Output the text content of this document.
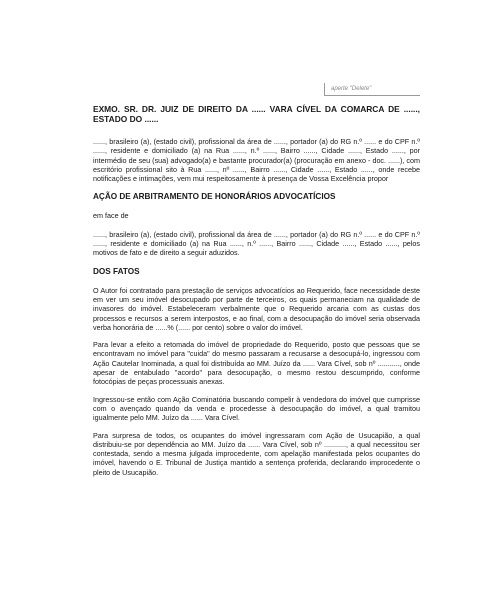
aperte "Delete"

EXMO. SR. DR. JUIZ DE DIREITO DA ...... VARA CÍVEL DA COMARCA DE ......, ESTADO DO ......

......, brasileiro (a), (estado civil), profissional da área de ......, portador (a) do RG n.º ...... e do CPF n.º ......, residente e domiciliado (a) na Rua ......, n.º ......, Bairro ......, Cidade ......, Estado ......, por intermédio de seu (sua) advogado(a) e bastante procurador(a) (procuração em anexo - doc. ......), com escritório profissional sito à Rua ......, nº ......, Bairro ......, Cidade ......, Estado ......, onde recebe notificações e intimações, vem mui respeitosamente à presença de Vossa Excelência propor

AÇÃO DE ARBITRAMENTO DE HONORÁRIOS ADVOCATÍCIOS

em face de

......, brasileiro (a), (estado civil), profissional da área de ......, portador (a) do RG n.º ...... e do CPF n.º ......, residente e domiciliado (a) na Rua ......, n.º ......, Bairro ......, Cidade ......, Estado ......, pelos motivos de fato e de direito a seguir aduzidos.

DOS FATOS

O Autor foi contratado para prestação de serviços advocatícios ao Requerido, face necessidade deste em ver um seu imóvel desocupado por parte de terceiros, os quais permaneciam na qualidade de invasores do imóvel. Estabeleceram verbalmente que o Requerido arcaria com as custas dos processos e recursos a serem interpostos, e ao final, com a desocupação do imóvel seria observada verba honorária de ......% (...... por cento) sobre o valor do imóvel.

Para levar a efeito a retomada do imóvel de propriedade do Requerido, posto que pessoas que se encontravam no imóvel para "cuida" do mesmo passaram a recusarse a desocupá-lo, ingressou com Ação Cautelar Inominada, a qual foi distribuída ao MM. Juízo da ...... Vara Cível, sob nº ..........., onde apesar de entabulado "acordo" para desocupação, o mesmo restou descumprido, conforme fotocópias de peças processuais anexas.

Ingressou-se então com Ação Cominatória buscando compelir à vendedora do imóvel que cumprisse com o avençado quando da venda e procedesse à desocupação do imóvel, a qual tramitou igualmente pelo MM. Juízo da ...... Vara Cível.

Para surpresa de todos, os ocupantes do imóvel ingressaram com Ação de Usucapião, a qual distribuiu-se por dependência ao MM. Juízo da ...... Vara Cível, sob nº ..........., a qual necessitou ser contestada, sendo a mesma julgada improcedente, com apelação manifestada pelos ocupantes do imóvel, havendo o E. Tribunal de Justiça mantido a sentença proferida, declarando improcedente o pleito de Usucapião.
